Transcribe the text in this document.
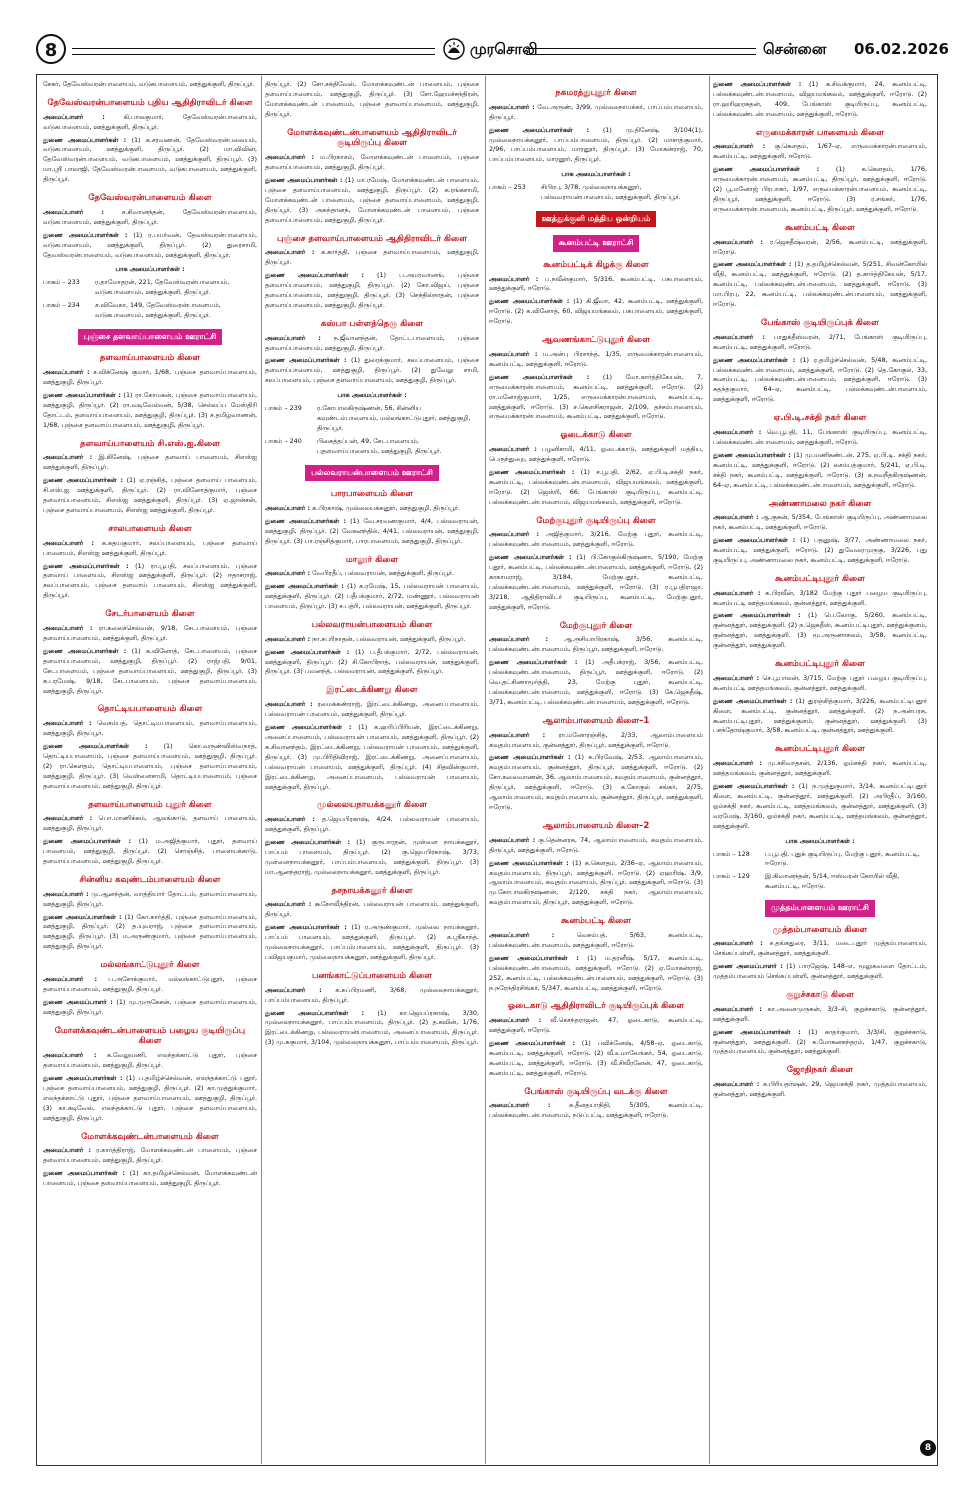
8	முரசொலி	சென்னை 06.02.2026

சேகர், தேவேஸ்வரன்பாளையம், வடுகபாளையம், ஊத்துக்குளி, திருப்பூர்.

தேவேஸ்வரன்பாளையம் புதிய ஆதிதிராவிடர் கிளை

அமைப்பாளர் :	கி.பாலகுமார், தேவேஸ்வரன்பாளையம், வடுகபாளையம், ஊத்துக்குளி, திருப்பூர்.

துணை அமைப்பாளர்கள் : (1) க.சரவணன், தேவேஸ்வரன்பலையம், வடுகபாளையம், ஊத்துக்குளி, திருப்பூர். (2) மா.விவின், தேவேஸ்வரன்பாளையம், வடுகபாளையம், ஊத்துக்குளி, திருப்பூர். (3) மா.ஸ்ரீ பாலாஜி, தேவேஸ்வரன்பாளையம், வடுகபாளையம், ஊத்துக்குளி, திருப்பூர்.

தேவேஸ்வரன்பாளையம் கிளை

அமைப்பாளர் :	ச.சிவானந்தன், தேவேஸ்வரன்பாளையம், வடுகபாளையம், ஊத்துக்குளி, திருப்பூர்.

துணை அமைப்பாளர்கள் : (1) ர.பயர்வன், தேவஸ்வரன்பாளையம், வடுகபாளையம், ஊத்துக்குளி, திருப்பூர். (2) துரைசாமி, தேவஸ்வரன்பாளையம், வடுகபாளையம், ஊத்துக்குளி, திருப்பூர்.

பாக அமைப்பாளர்கள் :
பாகம் – 233	ர.தாமோதரன், 221, தேவேஸ்வரன்பாளையம், வடுகபாளையம், ஊத்துக்குளி, திருப்பூர்.
பாகம் – 234	ச.விவேகா, 149, தேவேஸ்வரன்பாளையம், வடுகபாளையம், ஊத்துக்குளி, திருப்பூர்.
புஞ்சை தளவாய்பாளையம் ஊராட்சி
தளவாய்பாளையம் கிளை

அமைப்பாளர் : ச.விக்னேஷ் குமார், 1/68, புஞ்சை தளவாய்பாளையம், ஊத்துகுழி, திருப்பூர்.

துணை அமைப்பாளர்கள் : (1) ரா.கோமகன், புஞ்சை தளவாய்பாளையம், ஊத்துகுழி, திருப்பூர். (2) ரா.வடிவேல்வன், 5/38, செல்லப்ப மேஸ்திரி தோட்டம், தளவாய்பாளையம், ஊத்துகுழி, திருப்பூர். (3) ச.தமிழ்வாணன், 1/68, புஞ்சை தளவாய்பாளையம், ஊத்துகுழி, திருப்பூர்.

தளவாய்பாளையம் சி.எஸ்.ஐ.கிளை

அமைப்பாளர் : இ.கினேஷ், புஞ்சை தளவாய் பாளையம், சிஎஸ்ஐ ஊத்துக்குளி, திருப்பூர்.

துணை அமைப்பாளர்கள் : (1) ஏ.ரஞ்சித், புஞ்சை தளவாய் பாளையம், சி.எஸ்.ஐ ஊத்துக்குளி, திருப்பூர். (2) ரா.வினோத்குமார், புஞ்சை தளவாய்பாளையம், சிஎஸ்ஐ ஊத்துக்குளி, திருப்பூர். (3) ஏ.ஜான்சன், புஞ்சை தளவாய்பாளையம், சிஎஸ்ஐ ஊத்துக்குளி, திருப்பூர்.

சாலபாளையம் கிளை

அமைப்பாளர் : க.கதயகுமார், சலப்பாளையம், புஞ்சை தளவாய் பாளையம், சிஎஸ்ஐ ஊத்துக்குளி, திருப்பூர்.

துணை அமைப்பாளர்கள் : (1) ரா.பூபதி, சலப்பாளையம், புஞ்சை தளவாய் பாளையம், சிஎஸ்ஐ ஊத்துக்குளி, திருப்பூர். (2) ஈதாசராஜ், சலப்பாளையம், புஞ்சை தளவாய் பாளையம், சிஎஸ்ஐ ஊத்துக்குளி, திருப்பூர்.

சேடர்பாளையம் கிளை

அமைப்பாளர் : ரா.கலைச்செல்வன், 9/18, சேடபாளையம், புஞ்சை தளவாய்பாளையம், ஊத்துக்குளி, திருப்பூர்.

துணை அமைப்பாளர்கள் : (1) க.வினோத், சேடபாளையம், புஞ்சை தளவாய்பாளையம், ஊத்துகுழி, திருப்பூர். (2) ராஜ்பதி, 9/01, சேடபாளையம், புஞ்சை தளவாய்பாளையம், ஊத்துகுழி, திருப்பூர். (3) க.பரமேஷ், 9/18, சேடபாளையம், புஞ்சை தளவாய்பாளையம், ஊத்துகுழி, திருப்பூர்.

தொட்டியபாளையம் கிளை

அமைப்பாளர் : வெசம்பத், தொட்டியபாளையம், தளவாய்பாளையம், ஊத்துகுழி, திருப்பூர்.

துணை அமைப்பாளர்கள் : (1) கொ.வருண்விஸ்வநாத், தொட்டியபாளையம், புஞ்சை தளவாய்பாளையம், ஊத்துகுழி, திருப்பூர். (2) ரா.கௌதம், தொட்டியபாளையம், புஞ்சை தளவாய்பாளையம், ஊத்துகுழி, திருப்பூர். (3) வெள்ளைசாமி, தொட்டியபாளையம், புஞ்சை தளவாய்பாளையம், ஊத்துகுழி, திருப்பூர்.

தளவாய்பாளையம் புதூர் கிளை

அமைப்பாளர் : பொ.மாணிக்கம், ஆலங்காடு, தளவாய் பாளையம், ஊத்துகுழி, திருப்பூர்.

துணை அமைப்பாளர்கள் : (1) ம.அஜித்குமார், புதூர், தளவாய் பாளையம், ஊத்துகுழி, திருப்பூர். (2) சொஞ்சித், பாளையக்காடு, தளவாய்பாளையம், ஊத்துகுழி, திருப்பூர்.

சின்னிய கவுண்டம்பாளையம் கிளை

அமைப்பாளர் : மு.ஆனந்தன், வாத்தியார் தோட்டம், தளவாய்பாளையம், ஊத்துகுழி, திருப்பூர்.

துணை அமைப்பாளர்கள் : (1) கோ.கார்த்தி, புஞ்சை தளவாய்பாளையம், ஊத்துகுழி, திருப்பூர். (2) த.யுவராஜ், புஞ்சை தளவாய்பாளையம், ஊத்துகுழி, திருப்பூர். (3) ம.அருண்குமார், புஞ்சை தளவாய்பாளையம், ஊத்துகுழி, திருப்பூர்.

மல்லங்காட்டுபுதூர் கிளை

அமைப்பாளர் : ப.அசோக்குமார், மல்லங்காட்டுபுதூர், புஞ்சை தளவாய்பாளையம், ஊத்துகுழி, திருப்பூர்.

துணை அமைப்பாளர் : (1) மு.முருகேசன், புஞ்சை தளவாய்பாளையம், ஊத்துகுழி, திருப்பூர்.

மோளக்கவுண்டன்பாளையம் பழைய குடியிருப்பு கிளை

அமைப்பாளர் : க.வேலுமணி, எலந்தக்காட்டு புதூர், புஞ்சை தளவாய்பாளையம், ஊத்துகுழி, திருப்பூர்.

துணை அமைப்பாளர்கள் : (1) ப.தமிழ்ச்செல்வன், எலந்தக்காட்டு புதூர், புஞ்சை தளவாய்பாளையம், ஊத்துகுழி, திருப்பூர். (2) கா.முத்துக்குமார், எலந்தக்காட்டு புதூர், புஞ்சை தளவாய்பாளையம், ஊத்துகுழி, திருப்பூர். (3) கா.கடிவேல், எலந்தக்காட்டு புதூர், புஞ்சை தளவாய்பாளையம், ஊத்துகுழி, திருப்பூர்.

மோளக்கவுண்டன்பாளையம் கிளை

அமைப்பாளர் : ர.கார்த்திராஜ், மோளக்கவுண்டன் பாளையம், புஞ்சை தளவாய்பாளையம், ஊத்துகுழி, திருப்பூர்.

துணை அமைப்பாளர்கள் : (1) கா.தமிழ்ச்செல்வன், மோளக்கவுண்டன் பாளையம், புஞ்சை தளவாய்பாளையம், ஊத்துகுழி, திருப்பூர்.

திருப்பூர். (2) சோ.சக்திவேல், மோளக்கவுண்டன் பாளையம், புஞ்சை தளவாய்பாளையம், ஊத்துகுழி, திருப்பூர். (3) சோ.ஹேமச்சந்திரன், மோளக்கவுண்டன் பாளையம், புஞ்சை தளவாய்பாளையம், ஊத்துகுழி, திருப்பூர்.

மோளக்கவுண்டன்பாளையம் ஆதிதிராவிடர் குடியிருப்பு கிளை

அமைப்பாளர் : ம.பிரகாசம், மோளக்கவுண்டன் பாளையம், புஞ்சை தளவாய்பாளையம், ஊத்துகுழி, திருப்பூர்.

துணை அமைப்பாளர்கள் : (1) மா.ரமேஷ், மோளக்கவுண்டன் பாளையம், புஞ்சை தளவாய்பாளையம், ஊத்துகுழி, திருப்பூர். (2) க.ரங்கசாமி, மோளக்கவுண்டன் பாளையம், புஞ்சை தளவாய்பாளையம், ஊத்துகுழி, திருப்பூர். (3) அசுந்தானந், மோளக்கவுண்டன் பாளையம், புஞ்சை தளவாய்பாளையம், ஊத்துகுழி, திருப்பூர்.

புஞ்சை தளவாய்பாளையம் ஆதிதிராவிடர் கிளை

அமைப்பாளர் : க.கார்த்தி, புஞ்சை தளவாய்பாளையம், ஊத்துகுழி, திருப்பூர்.

துணை அமைப்பாளர்கள் : (1) ப.அமரவானங், புஞ்சை தளவாய்பாளையம், ஊத்துகுழி, திருப்பூர். (2) கோ.விஜய், புஞ்சை தளவாய்பாளையம், ஊத்துகுழி, திருப்பூர். (3) செந்தில்நாதன், புஞ்சை தளவாய்பாளையம், ஊத்துகுழி, திருப்பூர்.

கஸ்பா பள்ளத்தெரு கிளை

அமைப்பாளர் : ந.ஜீவானந்தன், தோட்டபாளையம், புஞ்சை தளவாய்பாளையம், ஊத்துகுழி, திருப்பூர்.

துணை அமைப்பாளர்கள் : (1) துரைக்குமார், சலப்பாளையம், புஞ்சை தளவாய்பாளையம், ஊத்துகுழி, திருப்பூர். (2) துவேலு சாமி, சலப்பாளையம், புஞ்சை தளவாய்பாளையம், ஊத்துகுழி, திருப்பூர்.

பாக அமைப்பாளர்கள் :
பாகம் – 239	ர.கோபாலகிருஷ்ணன், 56, சின்னிய கவுண்டம்பாளையம், மல்லங்காட்டுபுதூர், ஊத்துகுழி, திருப்பூர்.
பாகம் – 240	பிகைத்தப்பன், 49, சேடபாளையம், புதளவாய்பாளையம், ஊத்துகுழி, திருப்பூர்.
பல்லவராயன்பாளையம் ஊராட்சி
பாரபாளையம் கிளை

அமைப்பாளர் : க.பிரகாஷ், முல்லையக்கனூர், ஊத்துகுழி, திருப்பூர்.

துணை அமைப்பாளர்கள் : (1) வே.சரவணகுமார், 4/4, பல்லவராயன், ஊத்துகுழி, திருப்பூர். (2) வேகனந்தில், 4/41, பல்லவராயன், ஊத்துகுழி, திருப்பூர். (3) பா.ரஞ்சித்குமார், பாரபாளையம், ஊத்துகுழி, திருப்பூர்.

மாலூர் கிளை

அமைப்பாளர் : வேபிரதீப், பல்லவராயன், ஊத்துக்குளி, திருப்பூர்.

துணை அமைப்பாளர்கள் : (1) க.ரமேஷ், 15, பல்லவராயன் பாளையம், ஊத்துக்குளி, திருப்பூர். (2) பதீபக்குமார், 2/72, மண்ணூர், பல்லவராயன் பாளையம், திருப்பூர். (3) ச.பத்ரி, பல்லவராயன், ஊத்துக்குளி, திருப்பூர்.

பல்லவராயன்பாளையம் கிளை

அமைப்பாளர் : நா.சபரிநாதன், பல்லவராயன், ஊத்துக்குளி, திருப்பூர்.

துணை அமைப்பாளர்கள் : (1) ப.தீபக்குமார், 2/72, பல்லவராயன், ஊத்துக்குளி, திருப்பூர். (2) சி.கோபிநாத், பல்லவராயன், ஊத்துக்குளி, திருப்பூர். (3) பவனந்த், பல்லவராயன், ஊத்துக்குளி, திருப்பூர்.

இரட்டைக்கிணறு கிளை

அமைப்பாளர் : ரமைக்கண்ராஜ், இரட்டைக்கிணறு, அனைப்பாளையம், பல்லவராயன் பாளையம், ஊத்துக்குளி, திருப்பூர்.

துணை அமைப்பாளர்கள் : (1) க.ஹரிப்பிரியன், இரட்டைக்கிணறு, அனைப்பாளையம், பல்லவராயன் பாளையம், ஊத்துக்குளி, திருப்பூர். (2) க.சிவானந்தம், இரட்டைக்கிணறு, பல்லவராயன் பாளையம், ஊத்துக்குளி, திருப்பூர். (3) மு.பிரிதிவிராஜ், இரட்டைக்கிணறு, அனைப்பாளையம், பல்லவராயன் பாளையம், ஊத்துக்குளி, திருப்பூர். (4) சிதவின்குமார், இரட்டைக்கிணறு, அனைப்பாளையம், பல்லவராயன் பாளையம், ஊத்துக்குளி, திருப்பூர்.

முல்லையநாயக்கனூர் கிளை

அமைப்பாளர் : த.ஜெயபிரகாஷ், 4/24, பல்லவராயன் பாளையம், ஊத்துக்குளி, திருப்பூர்.

துணை அமைப்பாளர்கள் : (1) குருபாரதன், முள்ளை நாயக்கனூர், பாப்பம் பாளையம், திருப்பூர். (2) கு.ஜெயபிரகாஷ், 3/73, முள்ளைநாயக்கனூர், பாப்பம்பாளையம், ஊத்துக்குளி, திருப்பூர். (3) மா.ஆனந்தராஜ், முல்லைநாயக்கனூர், ஊத்துக்குளி, திருப்பூர்.

தசநாயக்கனூர் கிளை

அமைப்பாளர் : கூநோவீந்திரன், பல்லவராயன் பாளையம், ஊத்துக்குளி, திருப்பூர்.

துணை அமைப்பாளர்கள் : (1) ர.அருண்குமார், முல்லை நாயக்கனூர், பாப்பம் பாளையம், ஊத்துக்குளி, திருப்பூர். (2) க.ஸ்ரீகாந்த், முல்லைநாயக்கனூர், பாப்பம்பாளையம், ஊத்துக்குளி, திருப்பூர். (3) பவிஜயகுமார், முல்லைநாயக்கனூர், ஊத்துக்குளி, திருப்பூர்.

பனங்காட்டுப்பாளையம் கிளை

அமைப்பாளர் : க.சுப்பிரமணி, 3/68, முல்லைநாயக்கனூர், பாப்பம்பாளையம், திருப்பூர்.

துணை அமைப்பாளர்கள் : (1) கா.ஜெயப்ரகாஷ், 3/30, முல்லைநாயக்கனூர், பாப்பம்பாளையம், திருப்பூர். (2) த.கவின், 1/76, இரட்டைக்கிணறு, பல்லவராயன்பாளையம், அனைப்பாளையம், திருப்பூர். (3) மு.சுகுமார், 3/104, முல்லைநாயக்கனூர், பாப்பம்பாளையம், திருப்பூர்.

நகமரத்துபுதூர் கிளை

அமைப்பாளர் : வே.அருண், 3/99, முல்லைநாயக்கர், பாப்பம்பாளையம், திருப்பூர்.

துணை அமைப்பாளர்கள் : (1) மு.தினேஷ், 3/104(1), முல்லைநாயக்கனூர், பாப்பம்பாளையம், திருப்பூர். (2) மாசாத்குமார், 2/96, பாப்பம்பாளையம், மாரனூர், திருப்பூர். (3) மோகன்ராஜ், 70, பாப்பம்பாளையம், மாரனூர், திருப்பூர்.

பாக அமைப்பாளர்கள் :
பாகம் – 253	சிபிரபு, 3/78, முல்லைநாயக்கனூர், பல்லவராயன்பாளையம், ஊத்துக்குளி, திருப்பூர்.
ஊத்துக்குளி மத்திய ஒன்றியம்
கூனம்பட்டி ஊராட்சி
கூனம்பட்டிக் கிழக்கு கிளை

அமைப்பாளர் : ப.நவீன்குமார், 5/316, கூனம்பட்டி, பகபாளையம், ஊத்துக்குளி, ஈரோடு.

துணை அமைப்பாளர்கள் : (1) கி.ஜீவா, 42, கூனம்பட்டி, ஊத்துக்குளி, ஈரோடு. (2) க.வினோத், 60, விஜயமங்கலம், பகபாளையம், ஊத்துக்குளி, ஈரோடு.

ஆவணங்காட்டுபுதூர் கிளை

அமைப்பாளர் : ம.அன்பு பிரசாந்த், 1/35, எருமைக்காரன்பாளையம், கூனம்பட்டி, ஊத்துக்குளி, ஈரோடு.

துணை அமைப்பாளர்கள் : (1) மோ.கார்த்திகேயன், 7, எருமைக்காரன்பாளையம், கூனம்பட்டி, ஊத்துக்குளி, ஈரோடு. (2) ரா.மனோஜ்குமார், 1/25, எருமைக்காரன்பாளையம், கூனம்பட்டி, ஊத்துக்குளி, ஈரோடு. (3) ச.கௌசிகராஜன், 2/109, தச்சம்பாளையம், எருமைக்காரன்பாளையம், கூனம்பட்டி, ஊத்துக்குளி, ஈரோடு.

ஓடைக்காடு கிளை

அமைப்பாளர் : பழனிசாமி, 4/11, ஓடைக்காடு, ஊத்துக்குளி மத்திய, பெருந்துறை, ஊத்துக்குளி, ஈரோடு.

துணை அமைப்பாளர்கள் : (1) ச.பூபதி, 2/62, ஏ.பி.டி.சக்தி நகர், கூனம்பட்டி, பல்லக்கவுண்டன்பாளையம், விஜயமங்கலம், ஊத்துக்குளி, ஈரோடு. (2) ஜெஸ்ரி, 66, பேங்காஸ் குடியிருப்பு, கூனம்பட்டி, பல்லக்கவுண்டன்பாளையம், விஜயமங்கலம், ஊத்துக்குளி, ஈரோடு.

மேற்குபுதூர் குடியிருப்பு கிளை

அமைப்பாளர் : அஜித்குமார், 3/216, மேற்கு புதூர், கூனம்பட்டி, பல்லக்கவுண்டன்பாளையம், ஊத்துக்குளி, ஈரோடு.

துணை அமைப்பாளர்கள் : (1) பி.கோகுல்கிருஷ்ணா, 5/190, மேற்கு புதூர், கூனம்பட்டி, பல்லக்கவுண்டன்பாளையம், ஊத்துக்குளி, ஈரோடு. (2) காகாமராஜ், 3/184, மேற்குபுதூர், கூனம்பட்டி, பல்லக்கவுண்டன்பாளையம், ஊத்துக்குளி, ஈரோடு. (3) ர.பூபதிராஜா, 3/218, ஆதிதிராவிடர் குடியிருப்பு, கூனம்பட்டி, மேற்குபுதூர், ஊத்துக்குளி, ஈரோடு.

மேற்குபுதூர் கிளை

அமைப்பாளர் :	ஆ.ரூசியாபிரகாஷ், 3/56, கூனம்பட்டி, பல்லக்கவுண்டன்பாளையம், திருப்பூர், ஊத்துக்குளி, ஈரோடு.

துணை அமைப்பாளர்கள் : (1) அதீபக்ராஜ், 3/56, கூனம்பட்டி, பல்லக்கவுண்டன்பாளையம், திருப்பூர், ஊத்துக்குளி, ஈரோடு. (2) வெ.தட்சிணாமூர்த்தி, 23, மேற்கு புதூர், கூனம்பட்டி, பல்லக்கவுண்டன்பாளையம், ஊத்துக்குளி, ஈரோடு. (3) கே.ஜெகதீஷ், 3/71, கூனம்பட்டி, பல்லக்கவுண்டன்பாளையம், ஊத்துக்குளி, ஈரோடு.

ஆலாம்பாளையம் கிளை–1

அமைப்பாளர் : ரா.மனோரஞ்சித், 2/33, ஆலாம்பாளையம் கவுதம்பாளையம், குன்னத்தூர், திருப்பூர், ஊத்துக்குளி, ஈரோடு.

துணை அமைப்பாளர்கள் : (1) க.பிரவேஷ், 2/53, ஆலாம்பாளையம், கவுதம்பாளையம், குன்னத்தூர், திருப்பூர், ஊத்துக்குளி, ஈரோடு. (2) சோ.கலைவாணன், 36, ஆலாம்பாளையம், கவுதம்பாளையம், குன்னத்தூர், திருப்பூர், ஊத்துக்குளி, ஈரோடு. (3) க.கோகுல் சங்கர், 2/75, ஆலாம்பாளையம், கவுதம்பாளையம், குன்னத்தூர், திருப்பூர், ஊத்துக்குளி, ஈரோடு.

ஆலாம்பாளையம் கிளை–2

அமைப்பாளர் : கு.தென்னரசு, 74, ஆலாம்பாளையம், கவுதம்பாளையம், திருப்பூர், ஊத்துக்குளி, ஈரோடு.

துணை அமைப்பாளர்கள் : (1) க.கௌதம், 2/36–ஏ, ஆலாம்பாளையம், கவுதம்பாளையம், திருப்பூர், ஊத்துக்குளி, ஈரோடு. (2) ஏஹரிஷ், 3/9, ஆலாம்பாளையம், கவுதம்பாளையம், திருப்பூர், ஊத்துக்குளி, ஈரோடு. (3) மு.கோபாலகிருஷ்ணன், 2/120, சக்தி நகர், ஆலாம்பாளையம், கவுதம்பாளையம், திருப்பூர், ஊத்துக்குளி, ஈரோடு.

கூனம்பட்டி கிளை

அமைப்பாளர் :	வெசம்பத், 5/63, கூனம்பட்டி, பல்லக்கவுண்டன்பாளையம், ஊத்துக்குளி, ஈரோடு.

துணை அமைப்பாளர்கள் : (1) ம.தரனீஷ், 5/17, கூனம்பட்டி, பல்லக்கவுண்டன்பாளையம், ஊத்துக்குளி, ஈரோடு. (2) ஏ.மோகன்ராஜ், 252, கூனம்பட்டி, பல்லக்கவுண்டன்பாளையம், ஊத்துக்குளி, ஈரோடு. (3) ந.நரேந்திரசிங்கர், 5/347, கூனம்பட்டி, ஊத்துக்குளி, ஈரோடு.

ஓடைகாடு ஆதிதிராவிடர் குடியிருப்புக் கிளை

அமைப்பாளர் : வீ.செசந்தராஜன், 47, ஓடைகாடு, கூனம்பட்டி, ஊத்துக்குளி, ஈரோடு.

துணை அமைப்பாளர்கள் : (1) பவிக்னேஷ், 4/58–ஏ, ஓடைகாடு, கூனம்பட்டி, ஊத்துக்குளி, ஈரோடு. (2) வீ.உமாலேங்கர், 54, ஓடைகாடு, கூனம்பட்டி, ஊத்துக்குளி, ஈரோடு. (3) வீ.சிவீரனேன், 47, ஓடைகாடு, கூனம்பட்டி, ஊத்துக்குளி, ஈரோடு.

பேங்காஸ் குடியிருப்பு வடக்கு கிளை

அமைப்பாளர் :	க.தீனதயாநிதி, 5/305, கூனம்பட்டி, பல்லக்கவுண்டன்பாளையம், நடுப்பட்டி, ஊத்துக்குளி, ஈரோடு.

துணை அமைப்பாளர்கள் : (1) க.சிவக்குமார், 24, கூனம்பட்டி, பல்லக்கவுண்டன்பாளையம், விஜயமங்கலம், ஊத்துக்குளி, ஈரோடு. (2) ரா.ஹரிஹரசுதன், 409, பேங்காஸ் குடியிருப்பு, கூனம்பட்டி, பல்லக்கவுண்டன்பாளையம், ஊத்துக்குளி, ஈரோடு.

எருமைக்காரன் பாளையம் கிளை

அமைப்பாளர் : கு.கௌதம், 1/67–ஏ, எருமைக்காரன்பாளையம், கூனம்பட்டி, ஊத்துக்குளி, ஈரோடு.

துணை அமைப்பாளர்கள் :	(1) க.கௌதம், 1/76, எருமைக்காரன்பாளையம், கூனம்பட்டி, திருப்பூர், ஊத்துக்குளி, ஈரோடு. (2) பூ.மனோஜ் பிரபாகர், 1/97, எருமைக்காரன்பாளையம், கூனம்பட்டி, திருப்பூர், ஊத்துக்குளி, ஈரோடு. (3) ர.சங்கர், 1/76, எருமைக்காரன்பாளையம், கூனம்பட்டி, திருப்பூர், ஊத்துக்குளி, ஈரோடு.

கூனம்பட்டி கிளை

அமைப்பாளர் : ர.ஜெகதீஷ்வரன், 2/56, கூனம்பட்டி, ஊத்துக்குளி, ஈரோடு.

துணை அமைப்பாளர்கள் : (1) த.தமிழ்ச்செல்வன், 5/251, சிவன்கோயில் வீதி, கூனம்பட்டி, ஊத்துக்குளி, ஈரோடு. (2) த.கார்த்திகேயன், 5/17, கூனம்பட்டி, பல்லக்கவுண்டன்பாளையம், ஊத்துக்குளி, ஈரோடு. (3) மா.பிரபு, 22, கூனம்பட்டி, பல்லக்கவுண்டன்பாளையம், ஊத்துக்குளி, ஈரோடு.

பேங்காஸ் குடியிருப்புக் கிளை

அமைப்பாளர் : பாதுக்தீஸ்வரன், 2/71, பேங்காஸ் குடியிருப்பு, கூனம்பட்டி, ஊத்துக்குளி, ஈரோடு.

துணை அமைப்பாளர்கள் : (1) ர.தமிழ்ச்செல்வன், 5/48, கூனம்பட்டி, பல்லக்கவுண்டன்பாளையம், ஊத்துக்குளி, ஈரோடு. (2) தெ.கோகுல், 33, கூனம்பட்டி, பல்லக்கவுண்டன்பாளையம், ஊத்துக்குளி, ஈரோடு. (3) சுதந்தகுமார், 64–ஏ, கூனம்பட்டி, பல்லக்கவுண்டன்பாளையம், ஊத்துக்குளி, ஈரோடு.

ஏ.பி.டி.சக்தி நகர் கிளை

அமைப்பாளர் : வெ.பூபதி, 11, பேங்காஸ் குடியிருப்பு, கூனம்பட்டி, பல்லக்கவுண்டன்பாளையம், ஊத்துக்குளி, ஈரோடு.

துணை அமைப்பாளர்கள் : (1) மு.மணிகண்டன், 275, ஏ.பி.டி. சக்தி நகர், கூனம்பட்டி, ஊத்துக்குளி, ஈரோடு. (2) லசம்பத்குமார், 5/241, ஏ.பி.டி. சக்தி நகர், கூனம்பட்டி, ஊத்துக்குளி, ஈரோடு. (3) க.நவநீதகிருஷ்ணன், 64–ஏ, கூனம்பட்டி, பல்லக்கவுண்டன்பாளையம், ஊத்துக்குளி, ஈரோடு.

அண்ணாமலை நகர் கிளை

அமைப்பாளர் : ஆ.குகன், 5/354, பேங்காஸ் குடியிருப்பு, அண்ணாமலை நகர், கூனம்பட்டி, ஊத்துக்குளி, ஈரோடு.

துணை அமைப்பாளர்கள் : (1) பதனுஷ், 3/77, அண்ணாமலை நகர், கூனம்பட்டி, ஊத்துக்குளி, ஈரோடு. (2) துவேரைமுருகு, 3/226, புது குடியிருப்பு, அண்ணாமலை நகர், கூனம்பட்டி, ஊத்துக்குளி, ஈரோடு.

கூனம்பட்டிபுதூர் கிளை

அமைப்பாளர் : சு.பிரவீன், 3/182 மேற்கு புதூர் பழைய குடியிருப்பு, கூனம்பட்டி ஊத்தமங்கலம், குன்னத்தூர், ஊத்துக்குளி.

துணை அமைப்பாளர்கள் : (1) பெ.லோகு, 5/260, கூனம்பட்டி, குன்னத்தூர், ஊத்துக்குளி. (2) ந.ஜெகதீஸ், கூனம்பட்டிபுதூர், ஊத்துக்குளம், குன்னத்தூர், ஊத்துக்குளி. (3) மூ.அருணாசலம், 3/58, கூனம்பட்டி, குன்னத்தூர், ஊத்துக்குளி.

கூனம்பட்டிபுதூர் கிளை

அமைப்பாளர் : செ.பூபாலன், 3/715, மேற்கு புதூர் பழைய குடியிருப்பு, கூனம்பட்டி ஊத்தமங்கலம், குன்னத்தூர், ஊத்துக்குளி.

துணை அமைப்பாளர்கள் : (1) துரஞ்சித்குமார், 3/226, கூனம்பட்டிபுதூர் கிளை, கூனம்பட்டி, குன்னத்தூர், ஊத்துக்குளி. (2) ந.அன்பரசு, கூனம்பட்டிபுதூர், ஊத்துக்குளம், குன்னத்தூர், ஊத்துக்குளி. (3) பசந்தோஷ்குமார், 3/58, கூனம்பட்டி, குன்னத்தூர், ஊத்துக்குளி.

கூனம்பட்டிபுதூர் கிளை

அமைப்பாளர் : மு.சசிவாதசன், 2/136, ஓம்சக்தி நகர், கூனம்பட்டி, ஊத்தமங்கலம், குன்னத்தூர், ஊத்துக்குளி.

துணை அமைப்பாளர்கள் : (1) ந.முத்துகுமார், 3/14, கூனம்பட்டிபுதூர் கிளை, கூனம்பட்டி, குன்னத்தூர், ஊத்துக்குளி. (2) அபிரதீப், 3/160, ஓம்சக்தி நகர், கூனம்பட்டி, ஊத்தமங்கலம், குன்னத்தூர், ஊத்துக்குளி. (3) வரமேஷ், 3/160, ஓம்சக்தி நகர், கூனம்பட்டி, ஊத்தமங்கலம், குன்னத்தூர், ஊத்துக்குளி.

பாக அமைப்பாளர்கள் :
பாகம் – 128	ப.பூபதி, புதுக் குடியிருப்பு, மேற்கு புதூர், கூனம்பட்டி, ஈரோடு.
பாகம் – 129	இ.கிவானந்தன், 5/14, ஈஸ்வரன் கோயில் வீதி, கூனம்பட்டி, ஈரோடு.
முத்தம்பாளையம் ஊராட்சி
முத்தம்பாளையம் கிளை

அமைப்பாளர் : ச.தங்கதுரை, 3/11, மடைபுதூர் முத்தம்பாளையம், செங்கப்பள்ளி, குன்னத்தூர், ஊத்துக்குளி.

துணை அமைப்பாளர் : (1) பாரஜேஷ், 148–எ, மூலுகவளை தோட்டம், முத்தம்பாளையம் செங்கப்பள்ளி, குன்னத்தூர், ஊத்துக்குளி.

குறுச்சகாடு கிளை

அமைப்பாளர் : கா.அனைமுருகன், 3/3–சி, குறுச்சகாடு, குன்னத்தூர், ஊத்துக்குளி.

துணை அமைப்பாளர்கள் : (1) காதர்குமார், 3/3/சி, குறுச்சகாடு, குன்னத்தூர், ஊத்துக்குளி. (2) க.மோகனசுந்தரம், 1/47, குறுச்சகாடு, முத்தம்பாளையம், குன்னத்தூர், ஊத்துக்குளி.

ஜோதிநகர் கிளை

அமைப்பாளர் : க.பிரியதர்ஷன், 29, ஜெயசக்தி நகர், முத்தம்பாளையம், குன்னத்தூர், ஊத்துக்குளி.

8
